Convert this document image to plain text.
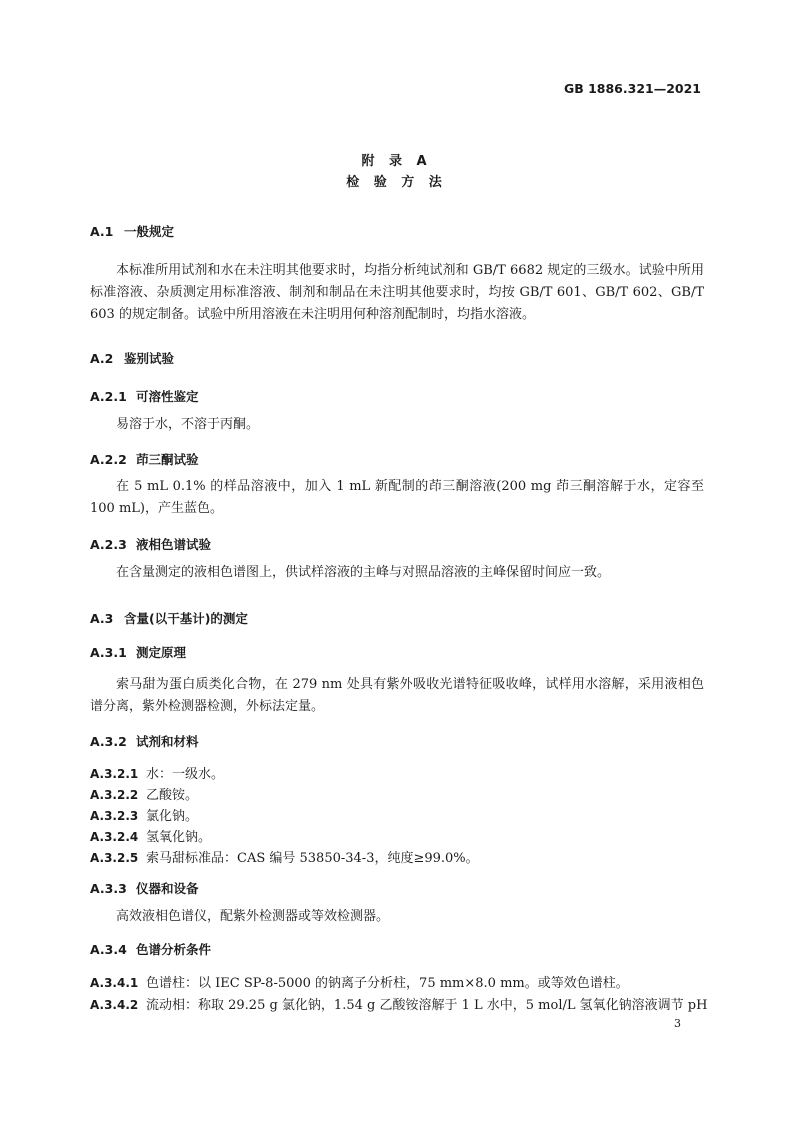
GB 1886.321—2021
附 录 A
检 验 方 法
A.1 一般规定
本标准所用试剂和水在未注明其他要求时，均指分析纯试剂和 GB/T 6682 规定的三级水。试验中所用标准溶液、杂质测定用标准溶液、制剂和制品在未注明其他要求时，均按 GB/T 601、GB/T 602、GB/T 603 的规定制备。试验中所用溶液在未注明用何种溶剂配制时，均指水溶液。
A.2 鉴别试验
A.2.1 可溶性鉴定
易溶于水，不溶于丙酮。
A.2.2 茚三酮试验
在 5 mL 0.1% 的样品溶液中，加入 1 mL 新配制的茚三酮溶液(200 mg 茚三酮溶解于水，定容至 100 mL)，产生蓝色。
A.2.3 液相色谱试验
在含量测定的液相色谱图上，供试样溶液的主峰与对照品溶液的主峰保留时间应一致。
A.3 含量(以干基计)的测定
A.3.1 测定原理
索马甜为蛋白质类化合物，在 279 nm 处具有紫外吸收光谱特征吸收峰，试样用水溶解，采用液相色谱分离，紫外检测器检测，外标法定量。
A.3.2 试剂和材料
A.3.2.1 水：一级水。
A.3.2.2 乙酸铵。
A.3.2.3 氯化钠。
A.3.2.4 氢氧化钠。
A.3.2.5 索马甜标准品：CAS 编号 53850-34-3，纯度≥99.0%。
A.3.3 仪器和设备
高效液相色谱仪，配紫外检测器或等效检测器。
A.3.4 色谱分析条件
A.3.4.1 色谱柱：以 IEC SP-8-5000 的钠离子分析柱，75 mm×8.0 mm。或等效色谱柱。
A.3.4.2 流动相：称取 29.25 g 氯化钠，1.54 g 乙酸铵溶解于 1 L 水中，5 mol/L 氢氧化钠溶液调节 pH
3
